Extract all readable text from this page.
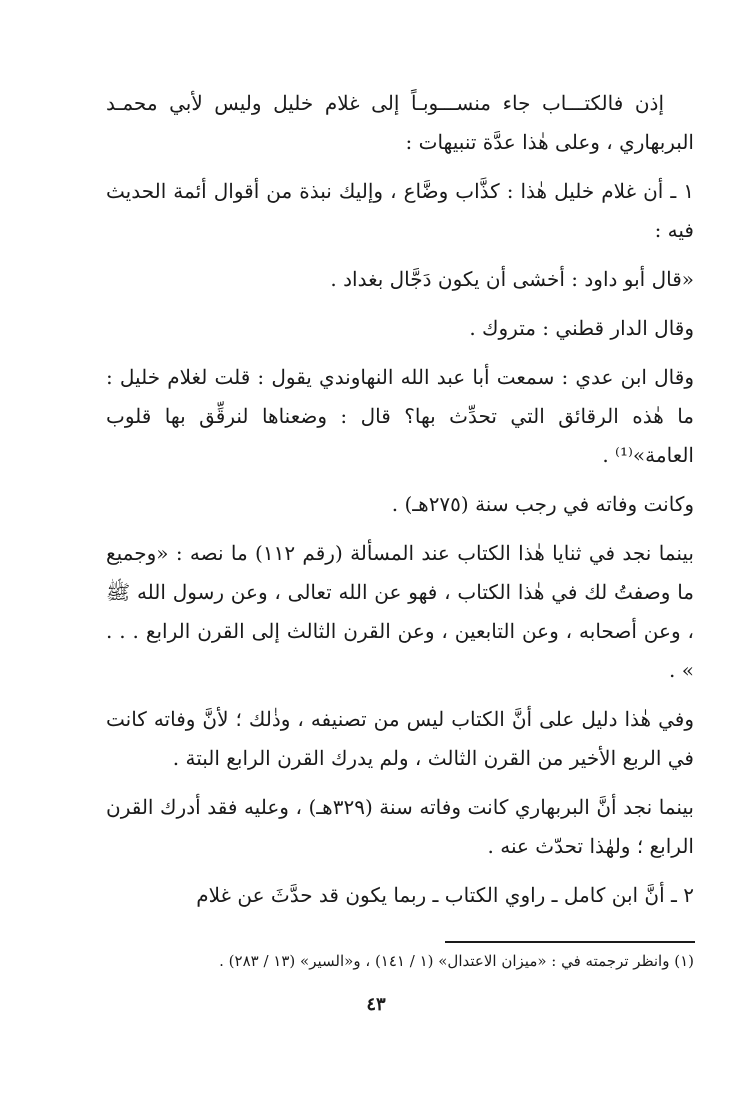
إذن فالكتـــاب جاء منســـوبـاً إلى غلام خليل وليس لأبي محمـد البربهاري ، وعلى هٰذا عدَّة تنبيهات :

١ ـ أن غلام خليل هٰذا : كذَّاب وضَّاع ، وإليك نبذة من أقوال أئمة الحديث فيه :

«قال أبو داود : أخشى أن يكون دَجَّال بغداد .

وقال الدار قطني : متروك .

وقال ابن عدي : سمعت أبا عبد الله النهاوندي يقول : قلت لغلام خليل : ما هٰذه الرقائق التي تحدِّث بها؟ قال : وضعناها لنرقِّق بها قلوب العامة»⁽¹⁾ .

وكانت وفاته في رجب سنة (٢٧٥هـ) .

بينما نجد في ثنايا هٰذا الكتاب عند المسألة (رقم ١١٢) ما نصه : «وجميع ما وصفتُ لك في هٰذا الكتاب ، فهو عن الله تعالى ، وعن رسول الله ﷺ ، وعن أصحابه ، وعن التابعين ، وعن القرن الثالث إلى القرن الرابع . . . » .

وفي هٰذا دليل على أنَّ الكتاب ليس من تصنيفه ، وذٰلك ؛ لأنَّ وفاته كانت في الربع الأخير من القرن الثالث ، ولم يدرك القرن الرابع البتة .

بينما نجد أنَّ البربهاري كانت وفاته سنة (٣٢٩هـ) ، وعليه فقد أدرك القرن الرابع ؛ ولهٰذا تحدّث عنه .

٢ ـ أنَّ ابن كامل ـ راوي الكتاب ـ ربما يكون قد حدَّثَ عن غلام

(١) وانظر ترجمته في : «ميزان الاعتدال» (١ / ١٤١) ، و«السير» (١٣ / ٢٨٣) .
٤٣
